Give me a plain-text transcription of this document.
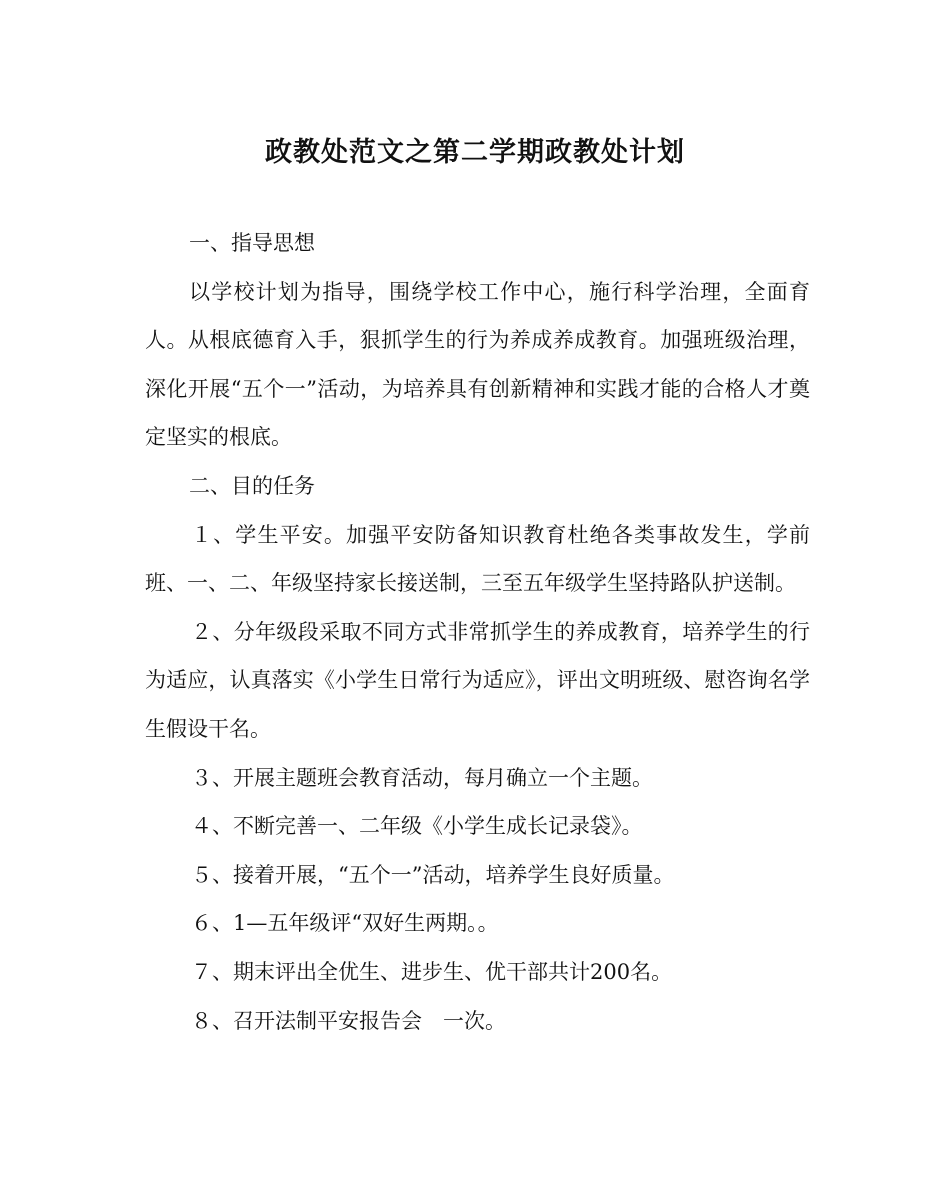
政教处范文之第二学期政教处计划

一、指导思想

以学校计划为指导，围绕学校工作中心，施行科学治理，全面育人。从根底德育入手，狠抓学生的行为养成养成教育。加强班级治理，深化开展“五个一”活动，为培养具有创新精神和实践才能的合格人才奠定坚实的根底。

二、目的任务

１、学生平安。加强平安防备知识教育杜绝各类事故发生，学前班、一、二、年级坚持家长接送制，三至五年级学生坚持路队护送制。

２、分年级段采取不同方式非常抓学生的养成教育，培养学生的行为适应，认真落实《小学生日常行为适应》，评出文明班级、慰咨询名学生假设干名。

３、开展主题班会教育活动，每月确立一个主题。

４、不断完善一、二年级《小学生成长记录袋》。

５、接着开展，“五个一”活动，培养学生良好质量。

６、1—五年级评“双好生两期。。

７、期末评出全优生、进步生、优干部共计200名。

８、召开法制平安报告会　一次。
